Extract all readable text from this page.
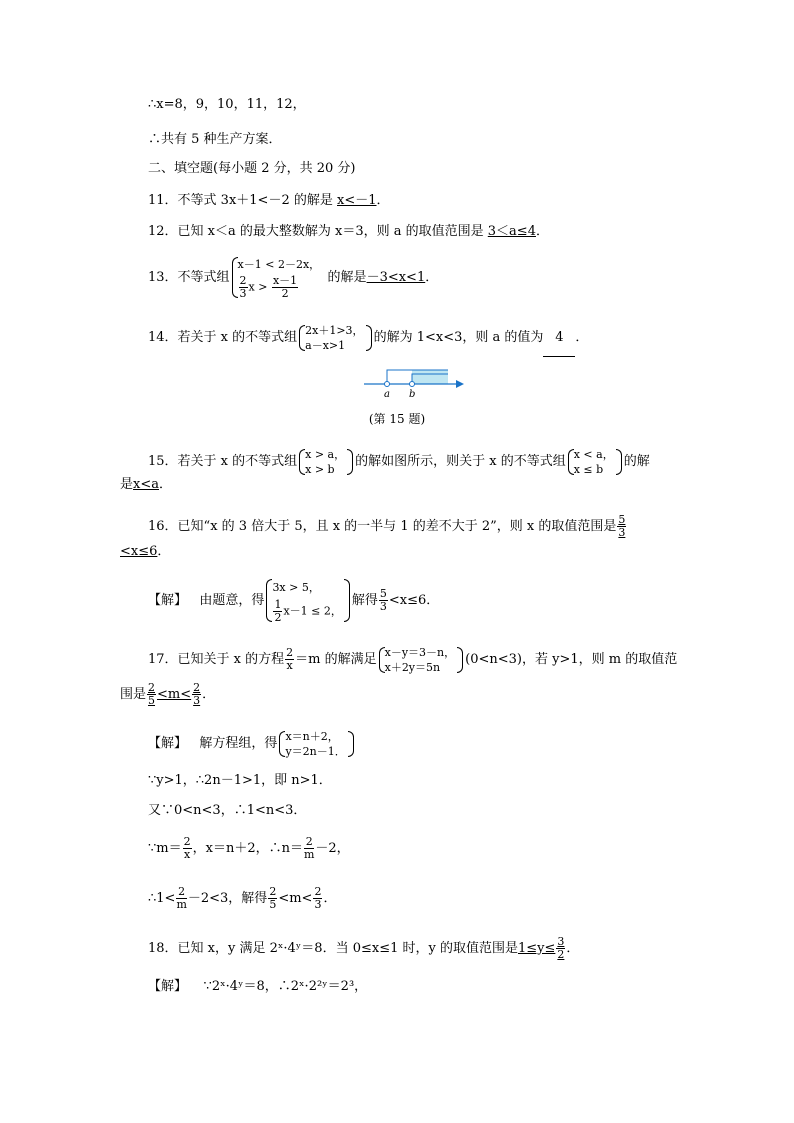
∴x=8，9，10，11，12，
∴共有 5 种生产方案．
二、填空题(每小题 2 分，共 20 分)
11．不等式 3x＋1<－2 的解是 x<－1．
12．已知 x＜a 的最大整数解为 x＝3，则 a 的取值范围是 3＜a≤4．
13．不等式组
x－1 < 2－2x，
$\frac{2}{3}$ $x > \frac{x-1}{2}$ 的解是－3<x<1．
14．若关于 x 的不等式组 2x＋1>3，
a－x>1	的解为 1<x<3，则 a 的值为 4 ．
a b
(第 15 题)
15．若关于 x 的不等式组 x > a，
x > b	的解如图所示，则关于 x 的不等式组 x < a，
x ≤ b	的解
是x<a．
16．已知“x 的 3 倍大于 5，且 x 的一半与 1 的差不大于 2”，则 x 的取值范围是 $\frac{5}{3}$
<x≤6．
【解】 由题意，得
3x > 5，
$\frac{1}{2} x-1 \le 2$，
解得 $\frac{5}{3} <x\le 6$．
17．已知关于 x 的方程 $\frac{2}{x} =m$ 的解满足 x－y＝3－n，
x＋2y＝5n	(0<n<3)，若 y>1，则 m 的取值范
围是 $\frac{2}{5} <m< \frac{2}{3}$ ．
【解】 解方程组，得 x＝n＋2，
y＝2n－1．
∵y>1，∴2n－1>1，即 n>1．
又∵0<n<3，∴1<n<3．
∵m＝ $\frac{2}{x}$ ，x＝n＋2，∴n＝ $\frac{2}{m} -2$，
∴1< $\frac{2}{m} -2<3$，解得 $\frac{2}{5} <m< \frac{2}{3}$ ．
18．已知 x，y 满足 2ˣ·4ʸ＝8．当 0≤x≤1 时，y 的取值范围是$1\le y\le \frac{3}{2}$ ．
【解】 ∵2ˣ·4ʸ＝8，∴2ˣ·2²ʸ＝2³，
